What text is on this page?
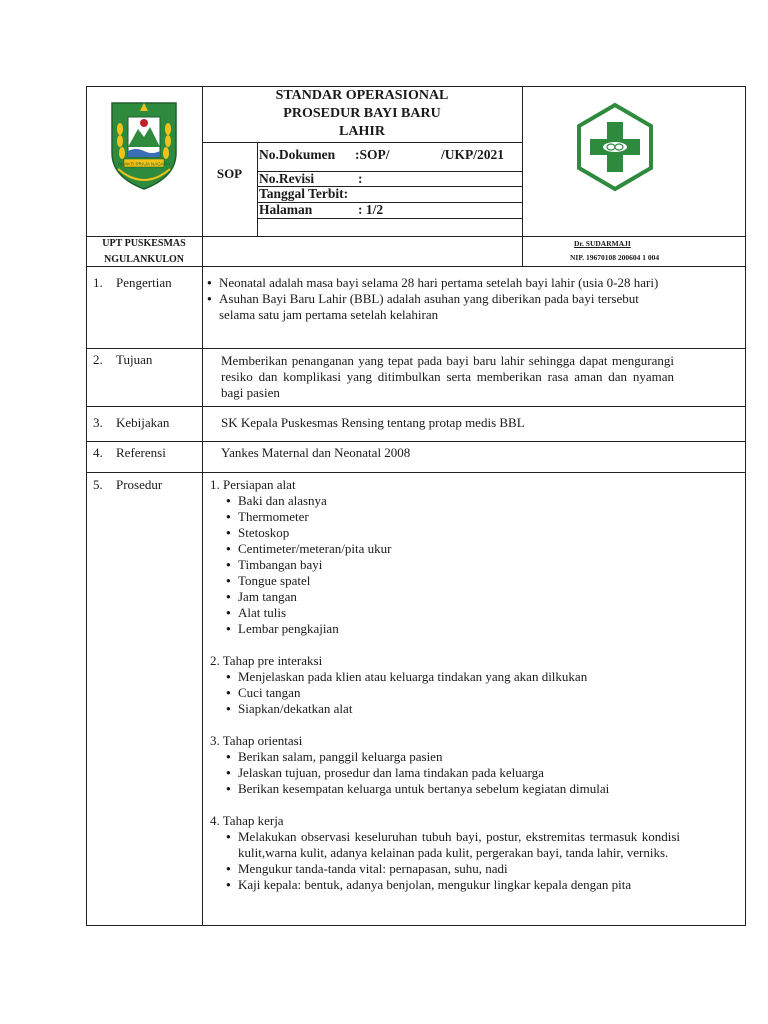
BHAKTI PRAJA NAGARA
STANDAR OPERASIONAL
PROSEDUR BAYI BARU
LAHIR
SOP
No.Dokumen :SOP/	/UKP/2021
No.Revisi	:
Tanggal Terbit:
Halaman	: 1/2
UPT PUSKESMAS
NGULANKULON
Dr. SUDARMAJI
NIP. 19670108 200604 1 004
1. Pengertian
●	Neonatal adalah masa bayi selama 28 hari pertama setelah bayi lahir (usia 0-28 hari)
● Asuhan Bayi Baru Lahir (BBL) adalah asuhan yang diberikan pada bayi tersebut selama satu jam pertama setelah kelahiran
2. Tujuan	Memberikan penanganan yang tepat pada bayi baru lahir sehingga dapat mengurangi resiko dan komplikasi yang ditimbulkan serta memberikan rasa aman dan nyaman bagi pasien
3. Kebijakan	SK Kepala Puskesmas Rensing tentang protap medis BBL
4. Referensi	Yankes Maternal dan Neonatal 2008
5. Prosedur	1. Persiapan alat
● Baki dan alasnya
● Thermometer
● Stetoskop
● Centimeter/meteran/pita ukur
● Timbangan bayi
● Tongue spatel
● Jam tangan
● Alat tulis
● Lembar pengkajian
2. Tahap pre interaksi
● Menjelaskan pada klien atau keluarga tindakan yang akan dilkukan
● Cuci tangan
● Siapkan/dekatkan alat
3. Tahap orientasi
● Berikan salam, panggil keluarga pasien
● Jelaskan tujuan, prosedur dan lama tindakan pada keluarga
● Berikan kesempatan keluarga untuk bertanya sebelum kegiatan dimulai
4. Tahap kerja
● Melakukan observasi keseluruhan tubuh bayi, postur, ekstremitas termasuk kondisi kulit,warna kulit, adanya kelainan pada kulit, pergerakan bayi, tanda lahir, verniks.
● Mengukur tanda-tanda vital: pernapasan, suhu, nadi
● Kaji kepala: bentuk, adanya benjolan, mengukur lingkar kepala dengan pita
